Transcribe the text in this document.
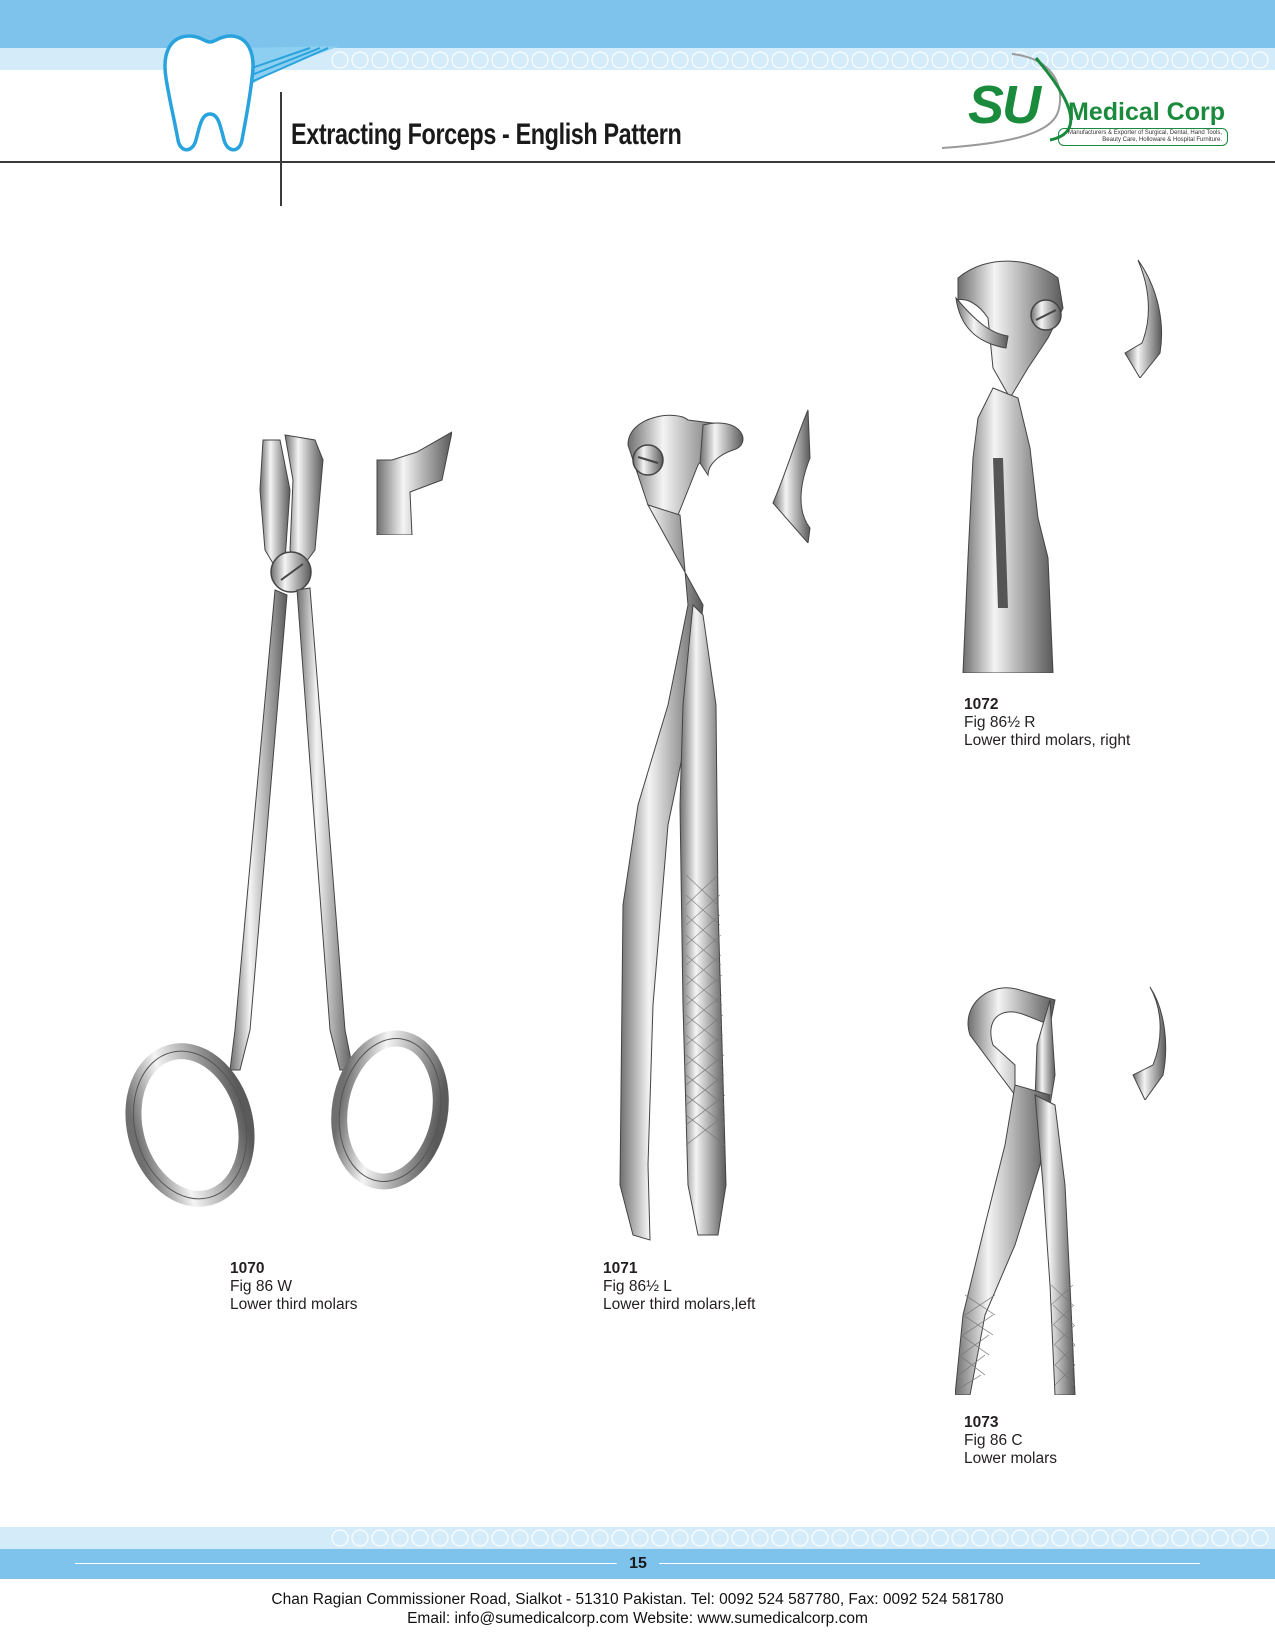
Extracting Forceps - English Pattern	SU Medical Corp
Manufacturers & Exporter of Surgical, Dental, Hand Tools,
Beauty Care, Holloware & Hospital Furniture.
1070
Fig 86 W
Lower third molars
1071
Fig 86½ L
Lower third molars,left
1072
Fig 86½ R
Lower third molars, right
1073
Fig 86 C
Lower molars
15
Chan Ragian Commissioner Road, Sialkot - 51310 Pakistan. Tel: 0092 524 587780, Fax: 0092 524 581780
Email: info@sumedicalcorp.com Website: www.sumedicalcorp.com
